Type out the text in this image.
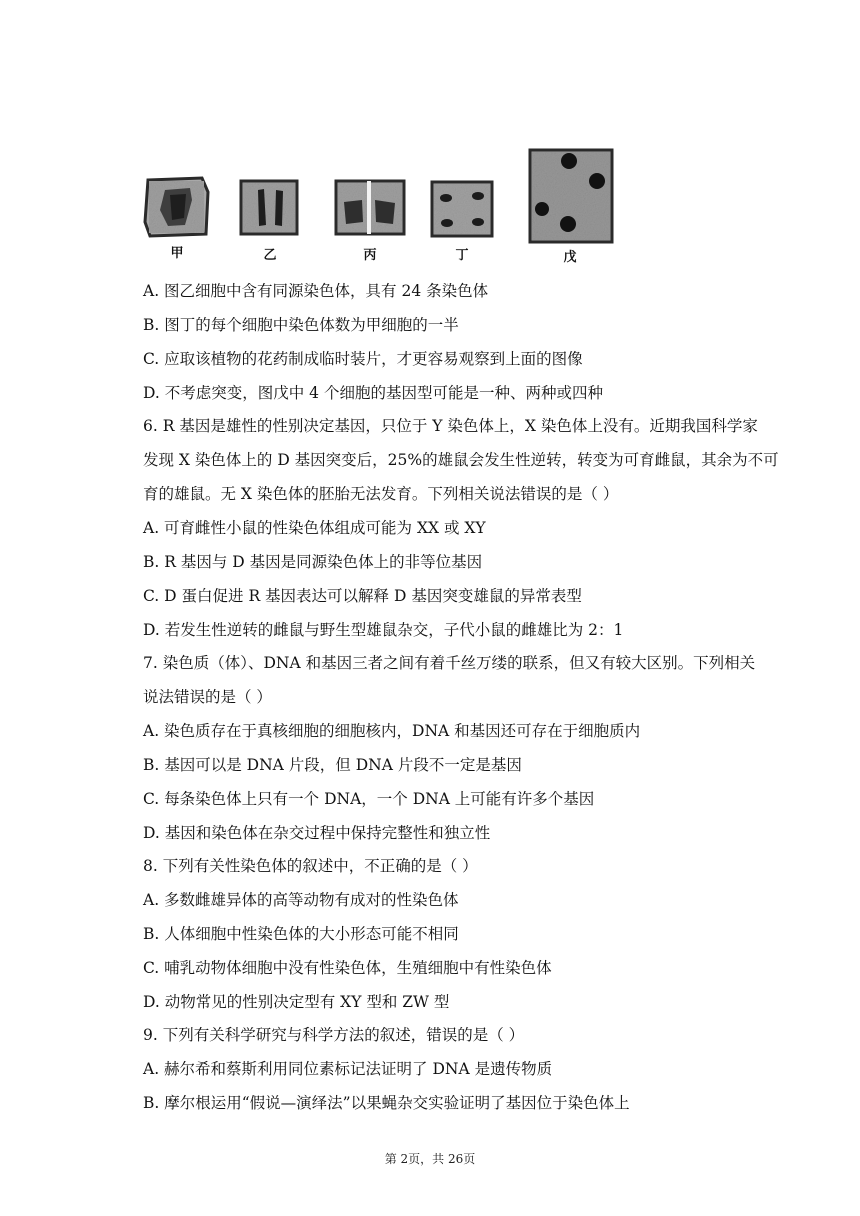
甲	乙	丙	丁	戊
A. 图乙细胞中含有同源染色体，具有 24 条染色体
B. 图丁的每个细胞中染色体数为甲细胞的一半
C. 应取该植物的花药制成临时装片，才更容易观察到上面的图像
D. 不考虑突变，图戊中 4 个细胞的基因型可能是一种、两种或四种
6. R 基因是雄性的性别决定基因，只位于 Y 染色体上，X 染色体上没有。近期我国科学家
发现 X 染色体上的 D 基因突变后，25%的雄鼠会发生性逆转，转变为可育雌鼠，其余为不可
育的雄鼠。无 X 染色体的胚胎无法发育。下列相关说法错误的是（ ）
A. 可育雌性小鼠的性染色体组成可能为 XX 或 XY
B. R 基因与 D 基因是同源染色体上的非等位基因
C. D 蛋白促进 R 基因表达可以解释 D 基因突变雄鼠的异常表型
D. 若发生性逆转的雌鼠与野生型雄鼠杂交，子代小鼠的雌雄比为 2：1
7. 染色质（体）、DNA 和基因三者之间有着千丝万缕的联系，但又有较大区别。下列相关
说法错误的是（ ）
A. 染色质存在于真核细胞的细胞核内，DNA 和基因还可存在于细胞质内
B. 基因可以是 DNA 片段，但 DNA 片段不一定是基因
C. 每条染色体上只有一个 DNA，一个 DNA 上可能有许多个基因
D. 基因和染色体在杂交过程中保持完整性和独立性
8. 下列有关性染色体的叙述中，不正确的是（ ）
A. 多数雌雄异体的高等动物有成对的性染色体
B. 人体细胞中性染色体的大小形态可能不相同
C. 哺乳动物体细胞中没有性染色体，生殖细胞中有性染色体
D. 动物常见的性别决定型有 XY 型和 ZW 型
9. 下列有关科学研究与科学方法的叙述，错误的是（ ）
A. 赫尔希和蔡斯利用同位素标记法证明了 DNA 是遗传物质
B. 摩尔根运用“假说—演绎法”以果蝇杂交实验证明了基因位于染色体上
第 2页，共 26页
